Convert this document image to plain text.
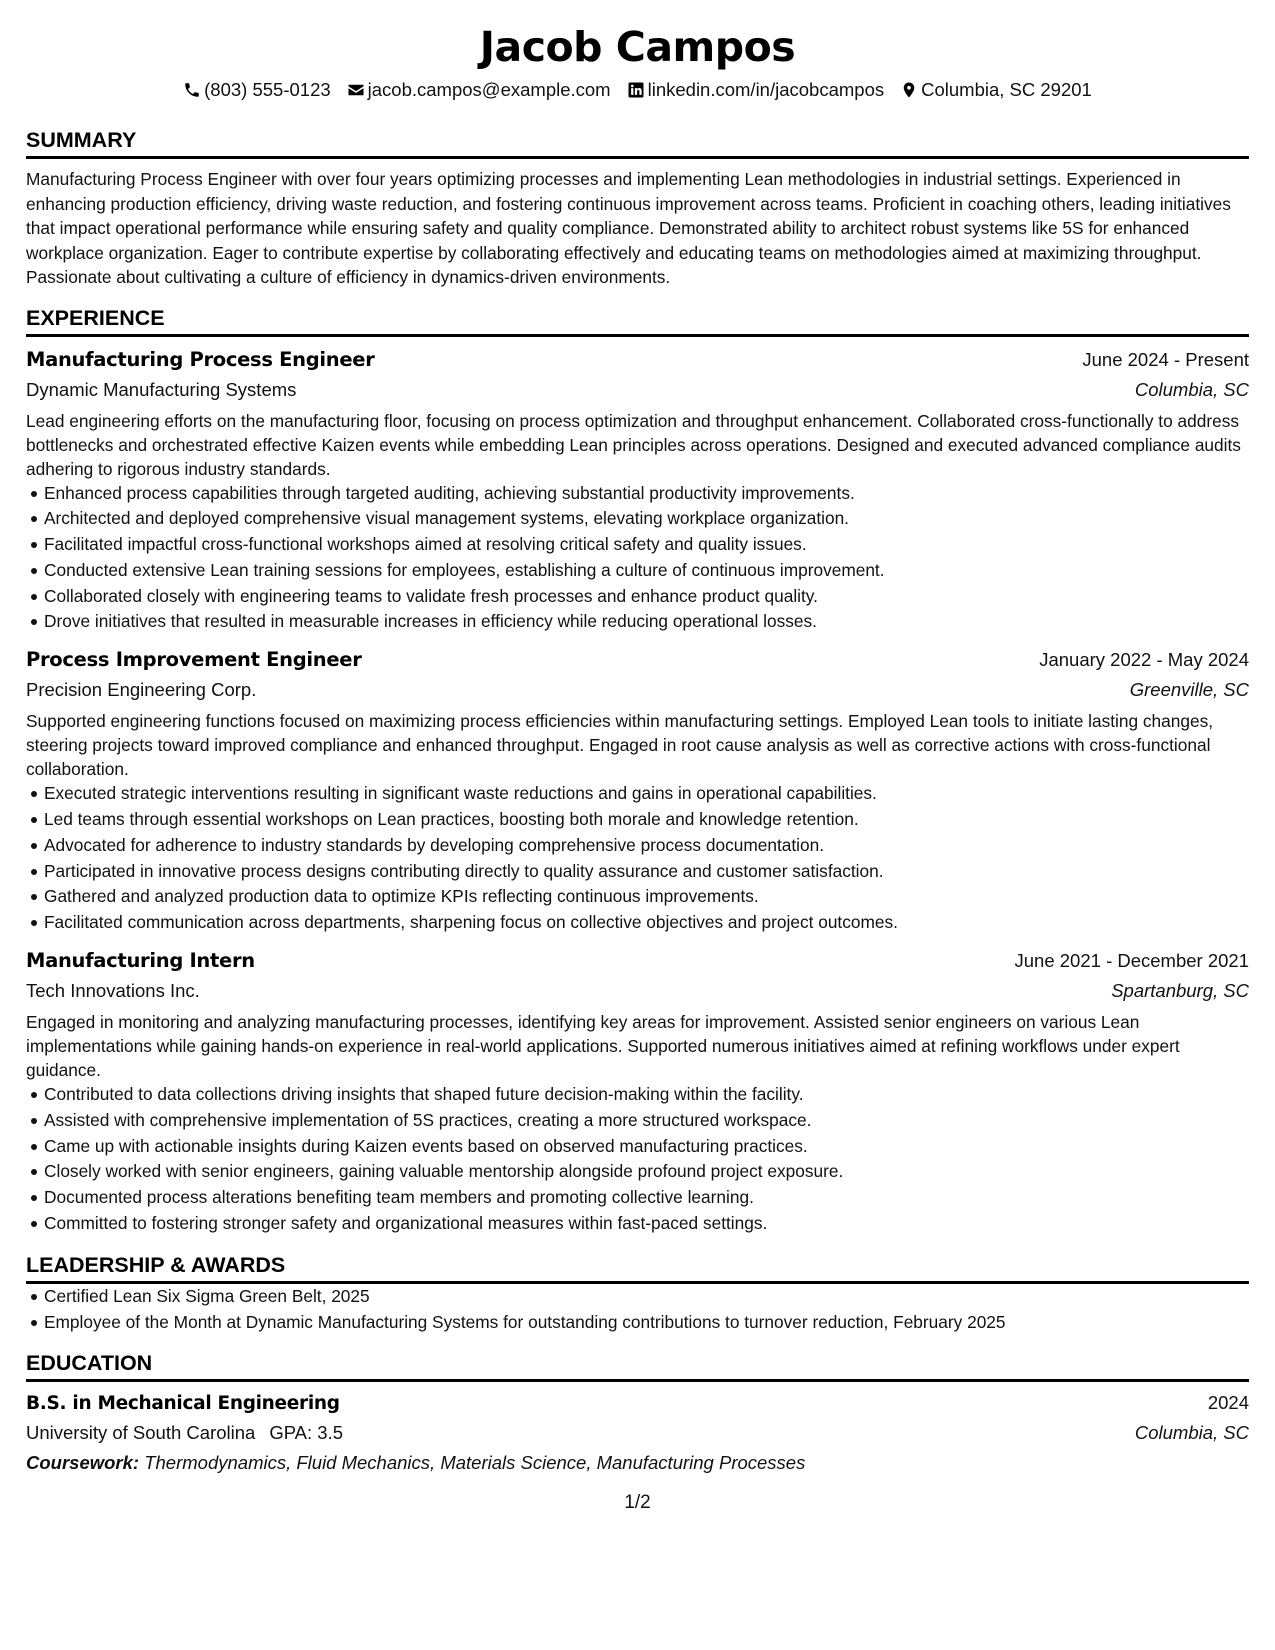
Jacob Campos
(803) 555-0123 jacob.campos@example.com linkedin.com/in/jacobcampos Columbia, SC 29201
SUMMARY

Manufacturing Process Engineer with over four years optimizing processes and implementing Lean methodologies in industrial settings. Experienced in enhancing production efficiency, driving waste reduction, and fostering continuous improvement across teams. Proficient in coaching others, leading initiatives that impact operational performance while ensuring safety and quality compliance. Demonstrated ability to architect robust systems like 5S for enhanced workplace organization. Eager to contribute expertise by collaborating effectively and educating teams on methodologies aimed at maximizing throughput. Passionate about cultivating a culture of efficiency in dynamics-driven environments.

EXPERIENCE
Manufacturing Process Engineer	June 2024 - Present
Dynamic Manufacturing Systems	Columbia, SC

Lead engineering efforts on the manufacturing floor, focusing on process optimization and throughput enhancement. Collaborated cross-functionally to address bottlenecks and orchestrated effective Kaizen events while embedding Lean principles across operations. Designed and executed advanced compliance audits adhering to rigorous industry standards.

Enhanced process capabilities through targeted auditing, achieving substantial productivity improvements.
Architected and deployed comprehensive visual management systems, elevating workplace organization.
Facilitated impactful cross-functional workshops aimed at resolving critical safety and quality issues.
Conducted extensive Lean training sessions for employees, establishing a culture of continuous improvement.
Collaborated closely with engineering teams to validate fresh processes and enhance product quality.
Drove initiatives that resulted in measurable increases in efficiency while reducing operational losses.
Process Improvement Engineer	January 2022 - May 2024
Precision Engineering Corp.	Greenville, SC

Supported engineering functions focused on maximizing process efficiencies within manufacturing settings. Employed Lean tools to initiate lasting changes, steering projects toward improved compliance and enhanced throughput. Engaged in root cause analysis as well as corrective actions with cross-functional collaboration.

Executed strategic interventions resulting in significant waste reductions and gains in operational capabilities.
Led teams through essential workshops on Lean practices, boosting both morale and knowledge retention.
Advocated for adherence to industry standards by developing comprehensive process documentation.
Participated in innovative process designs contributing directly to quality assurance and customer satisfaction.
Gathered and analyzed production data to optimize KPIs reflecting continuous improvements.
Facilitated communication across departments, sharpening focus on collective objectives and project outcomes.
Manufacturing Intern	June 2021 - December 2021
Tech Innovations Inc.	Spartanburg, SC

Engaged in monitoring and analyzing manufacturing processes, identifying key areas for improvement. Assisted senior engineers on various Lean implementations while gaining hands-on experience in real-world applications. Supported numerous initiatives aimed at refining workflows under expert guidance.

Contributed to data collections driving insights that shaped future decision-making within the facility.
Assisted with comprehensive implementation of 5S practices, creating a more structured workspace.
Came up with actionable insights during Kaizen events based on observed manufacturing practices.
Closely worked with senior engineers, gaining valuable mentorship alongside profound project exposure.
Documented process alterations benefiting team members and promoting collective learning.
Committed to fostering stronger safety and organizational measures within fast-paced settings.
LEADERSHIP & AWARDS
Certified Lean Six Sigma Green Belt, 2025
Employee of the Month at Dynamic Manufacturing Systems for outstanding contributions to turnover reduction, February 2025
EDUCATION
B.S. in Mechanical Engineering	2024
University of South Carolina GPA: 3.5	Columbia, SC
Coursework: Thermodynamics, Fluid Mechanics, Materials Science, Manufacturing Processes
1/2
